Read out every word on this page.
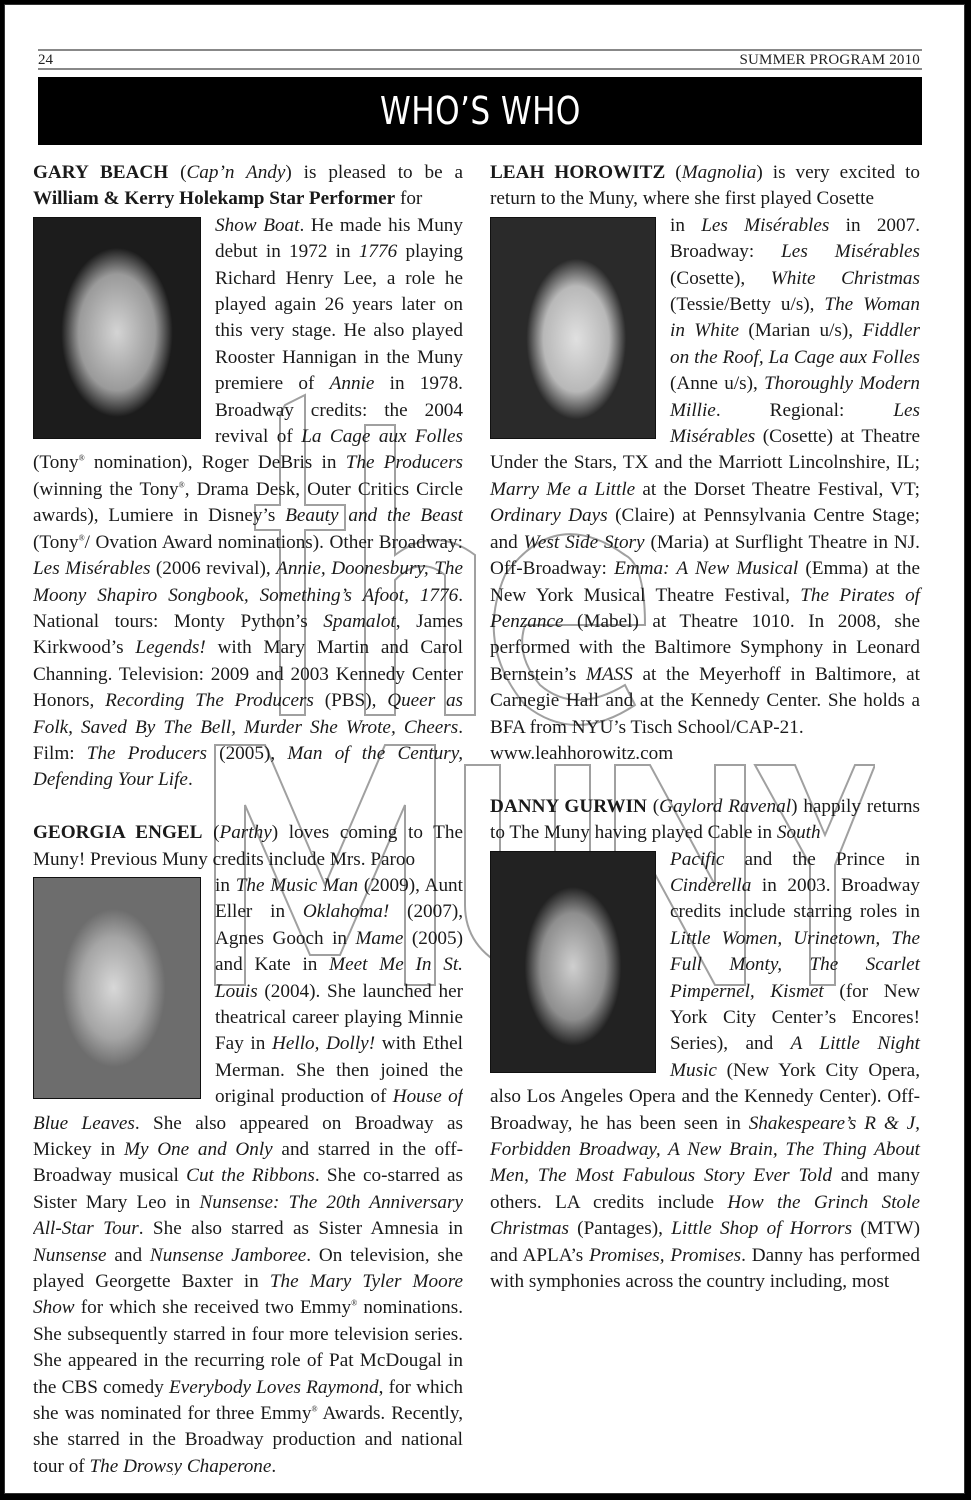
24	SUMMER PROGRAM 2010
WHO’S WHO

GARY BEACH (Cap’n Andy) is pleased to be a William & Kerry Holekamp Star Performer for

Show Boat. He made his Muny debut in 1972 in 1776 playing Richard Henry Lee, a role he played again 26 years later on this very stage. He also played Rooster Hannigan in the Muny premiere of Annie in 1978. Broadway credits: the 2004 revival of La Cage aux Folles (Tony® nomination), Roger DeBris in The Producers (winning the Tony®, Drama Desk, Outer Critics Circle awards), Lumiere in Disney’s Beauty and the Beast (Tony®/ Ovation Award nominations). Other Broadway: Les Misérables (2006 revival), Annie, Doonesbury, The Moony Shapiro Songbook, Something’s Afoot, 1776. National tours: Monty Python’s Spamalot, James Kirkwood’s Legends! with Mary Martin and Carol Channing. Television: 2009 and 2003 Kennedy Center Honors, Recording The Producers (PBS), Queer as Folk, Saved By The Bell, Murder She Wrote, Cheers. Film: The Producers (2005), Man of the Century, Defending Your Life.

GEORGIA ENGEL (Parthy) loves coming to The Muny! Previous Muny credits include Mrs. Paroo

in The Music Man (2009), Aunt Eller in Oklahoma! (2007), Agnes Gooch in Mame (2005) and Kate in Meet Me In St. Louis (2004). She launched her theatrical career playing Minnie Fay in Hello, Dolly! with Ethel Merman. She then joined the original production of House of Blue Leaves. She also appeared on Broadway as Mickey in My One and Only and starred in the off-Broadway musical Cut the Ribbons. She co-starred as Sister Mary Leo in Nunsense: The 20th Anniversary All-Star Tour. She also starred as Sister Amnesia in Nunsense and Nunsense Jamboree. On television, she played Georgette Baxter in The Mary Tyler Moore Show for which she received two Emmy® nominations. She subsequently starred in four more television series. She appeared in the recurring role of Pat McDougal in the CBS comedy Everybody Loves Raymond, for which she was nominated for three Emmy® Awards. Recently, she starred in the Broadway production and national tour of The Drowsy Chaperone.

LEAH HOROWITZ (Magnolia) is very excited to return to the Muny, where she first played Cosette

in Les Misérables in 2007. Broadway: Les Misérables (Cosette), White Christmas (Tessie/Betty u/s), The Woman in White (Marian u/s), Fiddler on the Roof, La Cage aux Folles (Anne u/s), Thoroughly Modern Millie. Regional: Les Misérables (Cosette) at Theatre Under the Stars, TX and the Marriott Lincolnshire, IL; Marry Me a Little at the Dorset Theatre Festival, VT; Ordinary Days (Claire) at Pennsylvania Centre Stage; and West Side Story (Maria) at Surflight Theatre in NJ. Off-Broadway: Emma: A New Musical (Emma) at the New York Musical Theatre Festival, The Pirates of Penzance (Mabel) at Theatre 1010. In 2008, she performed with the Baltimore Symphony in Leonard Bernstein’s MASS at the Meyerhoff in Baltimore, at Carnegie Hall and at the Kennedy Center. She holds a BFA from NYU’s Tisch School/CAP-21.

www.leahhorowitz.com

DANNY GURWIN (Gaylord Ravenal) happily returns to The Muny having played Cable in South

Pacific and the Prince in Cinderella in 2003. Broadway credits include starring roles in Little Women, Urinetown, The Full Monty, The Scarlet Pimpernel, Kismet (for New York City Center’s Encores! Series), and A Little Night Music (New York City Opera, also Los Angeles Opera and the Kennedy Center). Off-Broadway, he has been seen in Shakespeare’s R & J, Forbidden Broadway, A New Brain, The Thing About Men, The Most Fabulous Story Ever Told and many others. LA credits include How the Grinch Stole Christmas (Pantages), Little Shop of Horrors (MTW) and APLA’s Promises, Promises. Danny has performed with symphonies across the country including, most
